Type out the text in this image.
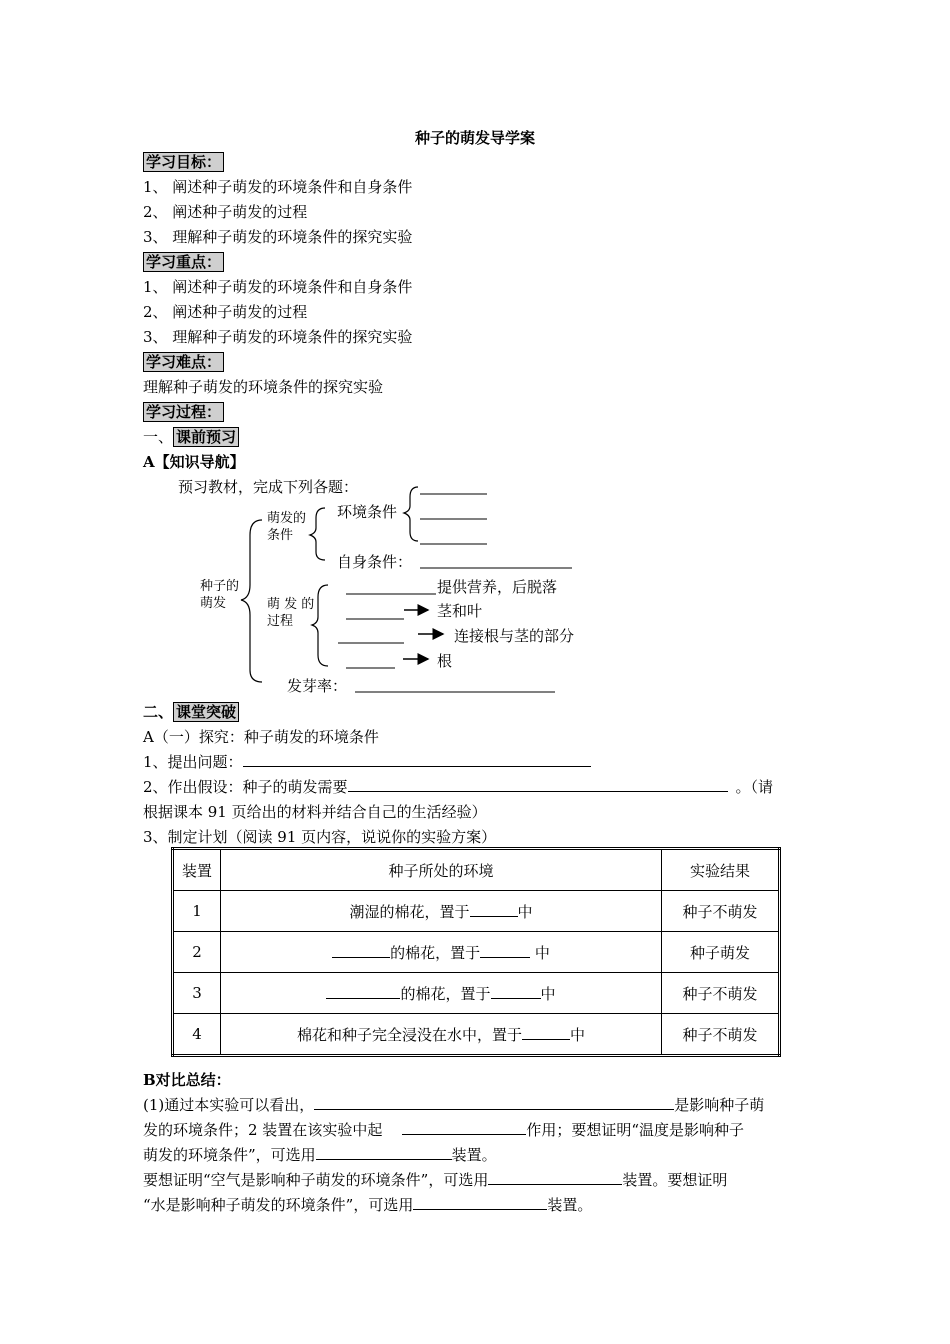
种子的萌发导学案
学习目标：
1、 阐述种子萌发的环境条件和自身条件
2、 阐述种子萌发的过程
3、 理解种子萌发的环境条件的探究实验
学习重点：
1、 阐述种子萌发的环境条件和自身条件
2、 阐述种子萌发的过程
3、 理解种子萌发的环境条件的探究实验
学习难点：
理解种子萌发的环境条件的探究实验
学习过程：
一、 课前预习
A【知识导航】
预习教材，完成下列各题：
种子的
萌发
萌发的
条件
环境条件
自身条件：
萌 发 的
过程
提供营养，后脱落
茎和叶
连接根与茎的部分
根
发芽率：
二、 课堂突破
A（一）探究：种子萌发的环境条件
1、提出问题：
2、作出假设：种子的萌发需要	。（请
根据课本 91 页给出的材料并结合自己的生活经验）
3、制定计划（阅读 91 页内容，说说你的实验方案）
装置	种子所处的环境	实验结果
1	潮湿的棉花，置于 中	种子不萌发
2	的棉花，置于 中	种子萌发
3	的棉花，置于 中	种子不萌发
4	棉花和种子完全浸没在水中，置于 中	种子不萌发
B对比总结：
(1)通过本实验可以看出，	是影响种子萌
发的环境条件；2 装置在该实验中起	作用；要想证明“温度是影响种子
萌发的环境条件”，可选用	装置。
要想证明“空气是影响种子萌发的环境条件”，可选用	装置。要想证明
“水是影响种子萌发的环境条件”，可选用	装置。
